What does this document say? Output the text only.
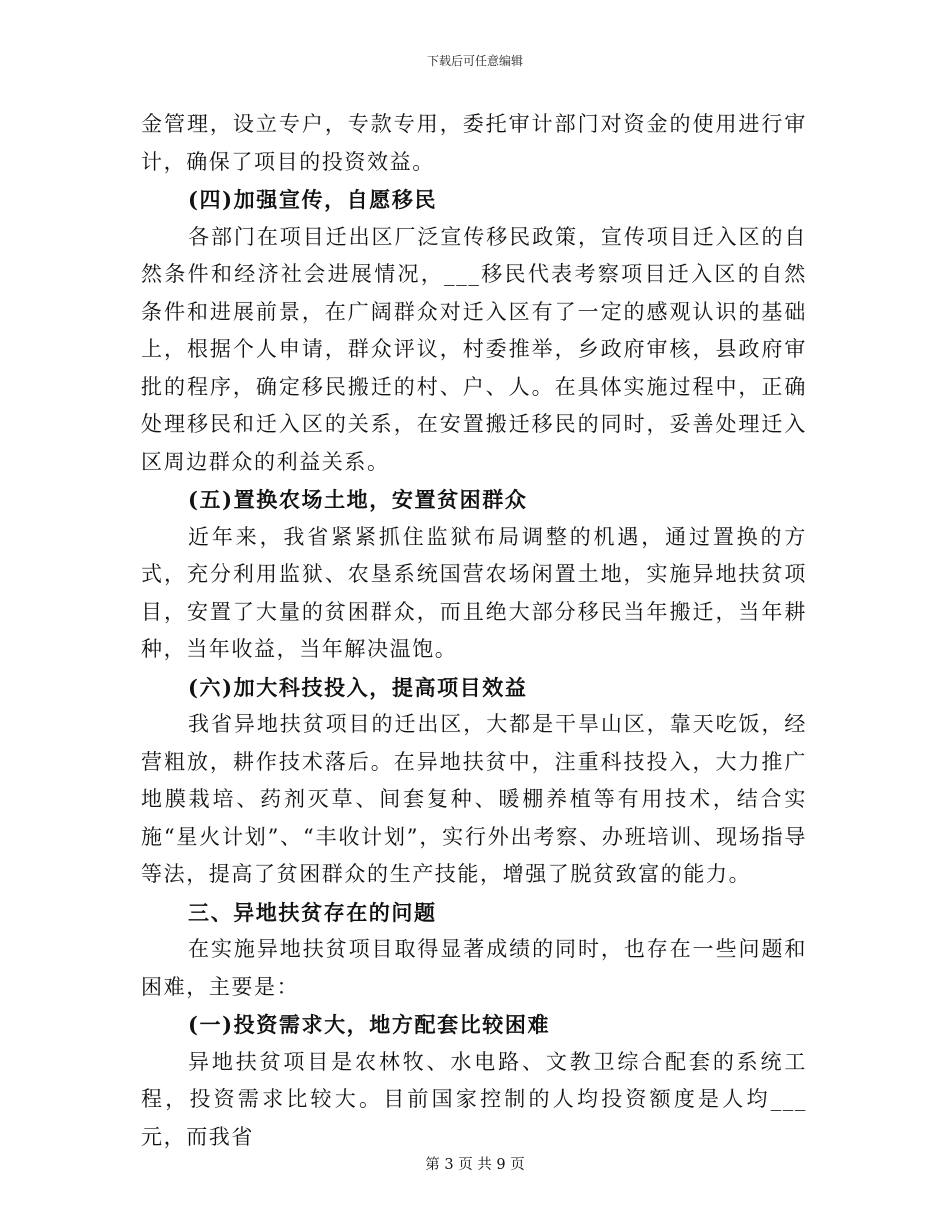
下载后可任意编辑

金管理，设立专户，专款专用，委托审计部门对资金的使用进行审计，确保了项目的投资效益。

(四)加强宣传，自愿移民

各部门在项目迁出区厂泛宣传移民政策，宣传项目迁入区的自然条件和经济社会进展情况，___移民代表考察项目迁入区的自然条件和进展前景，在广阔群众对迁入区有了一定的感观认识的基础上，根据个人申请，群众评议，村委推举，乡政府审核，县政府审批的程序，确定移民搬迁的村、户、人。在具体实施过程中，正确处理移民和迁入区的关系，在安置搬迁移民的同时，妥善处理迁入区周边群众的利益关系。

(五)置换农场土地，安置贫困群众

近年来，我省紧紧抓住监狱布局调整的机遇，通过置换的方式，充分利用监狱、农垦系统国营农场闲置土地，实施异地扶贫项目，安置了大量的贫困群众，而且绝大部分移民当年搬迁，当年耕种，当年收益，当年解决温饱。

(六)加大科技投入，提高项目效益

我省异地扶贫项目的迁出区，大都是干旱山区，靠天吃饭，经营粗放，耕作技术落后。在异地扶贫中，注重科技投入，大力推广地膜栽培、药剂灭草、间套复种、暖棚养植等有用技术，结合实施“星火计划”、“丰收计划”，实行外出考察、办班培训、现场指导等法，提高了贫困群众的生产技能，增强了脱贫致富的能力。

三、异地扶贫存在的问题

在实施异地扶贫项目取得显著成绩的同时，也存在一些问题和困难，主要是：

(一)投资需求大，地方配套比较困难

异地扶贫项目是农林牧、水电路、文教卫综合配套的系统工程，投资需求比较大。目前国家控制的人均投资额度是人均___元，而我省

第 3 页 共 9 页
